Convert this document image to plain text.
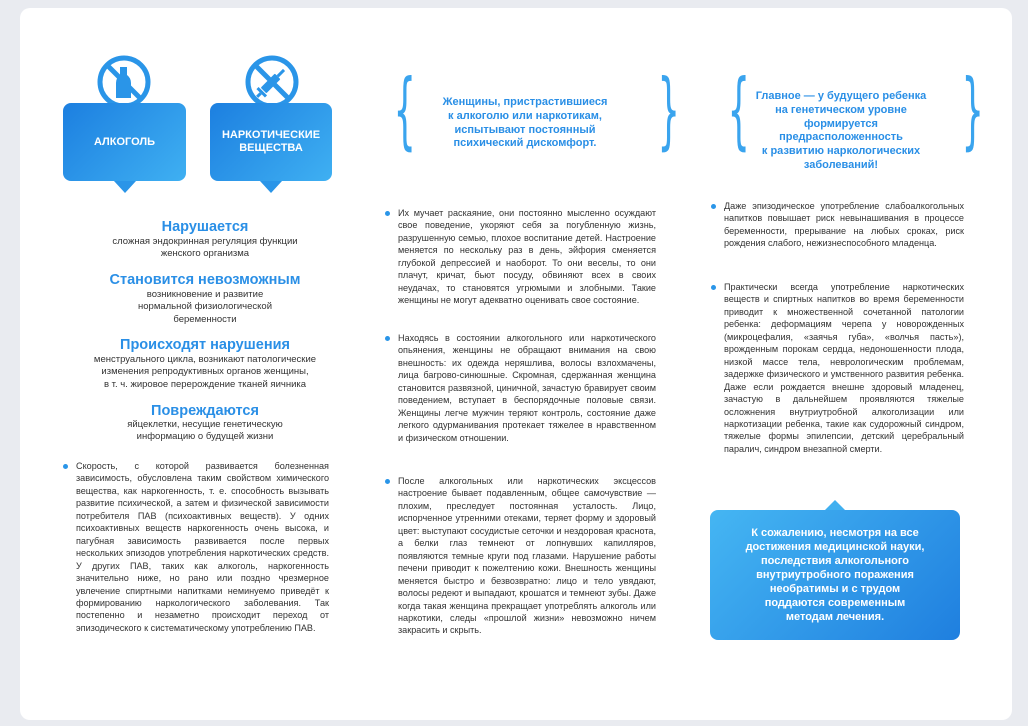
АЛКОГОЛЬ
НАРКОТИЧЕСКИЕ
ВЕЩЕСТВА
Нарушается
сложная эндокринная регуляция функции
женского организма
Становится невозможным
возникновение и развитие
нормальной физиологической
беременности
Происходят нарушения
менструального цикла, возникают патологические
изменения репродуктивных органов женщины,
в т. ч. жировое перерождение тканей яичника
Повреждаются
яйцеклетки, несущие генетическую
информацию о будущей жизни

Скорость, с которой развивается болезненная зависимость, обусловлена таким свойством химического вещества, как наркогенность, т. е. способность вызывать развитие психической, а затем и физической зависимости потребителя ПАВ (психоактивных веществ). У одних психоактивных веществ наркогенность очень высока, и пагубная зависимость развивается после первых нескольких эпизодов употребления наркотических средств. У других ПАВ, таких как алкоголь, наркогенность значительно ниже, но рано или поздно чрезмерное увлечение спиртными напитками неминуемо приведёт к формированию наркологического заболевания. Так постепенно и незаметно происходит переход от эпизодического к систематическому употреблению ПАВ.

{	}
Женщины, пристрастившиеся
к алкоголю или наркотикам,
испытывают постоянный
психический дискомфорт.

Их мучает раскаяние, они постоянно мысленно осуждают свое поведение, укоряют себя за погубленную жизнь, разрушенную семью, плохое воспитание детей. Настроение меняется по нескольку раз в день, эйфория сменяется глубокой депрессией и наоборот. То они веселы, то они плачут, кричат, бьют посуду, обвиняют всех в своих неудачах, то становятся угрюмыми и злобными. Такие женщины не могут адекватно оценивать свое состояние.

Находясь в состоянии алкогольного или наркотического опьянения, женщины не обращают внимания на свою внешность: их одежда неряшлива, волосы взлохмачены, лица багрово-синюшные. Скромная, сдержанная женщина становится развязной, циничной, зачастую бравирует своим поведением, вступает в беспорядочные половые связи. Женщины легче мужчин теряют контроль, состояние даже легкого одурманивания протекает тяжелее в нравственном и физическом отношении.

После алкогольных или наркотических эксцессов настроение бывает подавленным, общее самочувствие — плохим, преследует постоянная усталость. Лицо, испорченное утренними отеками, теряет форму и здоровый цвет: выступают сосудистые сеточки и нездоровая краснота, а белки глаз темнеют от лопнувших капилляров, появляются темные круги под глазами. Нарушение работы печени приводит к пожелтению кожи. Внешность женщины меняется быстро и безвозвратно: лицо и тело увядают, волосы редеют и выпадают, крошатся и темнеют зубы. Даже когда такая женщина прекращает употреблять алкоголь или наркотики, следы «прошлой жизни» невозможно ничем закрасить и скрыть.

{	}
Главное — у будущего ребенка
на генетическом уровне
формируется
предрасположенность
к развитию наркологических
заболеваний!

Даже эпизодическое употребление слабоалкогольных напитков повышает риск невынашивания в процессе беременности, прерывание на любых сроках, риск рождения слабого, нежизнеспособного младенца.

Практически всегда употребление наркотических веществ и спиртных напитков во время беременности приводит к множественной сочетанной патологии ребенка: деформациям черепа у новорожденных (микроцефалия, «заячья губа», «волчья пасть»), врожденным порокам сердца, недоношенности плода, низкой массе тела, неврологическим проблемам, задержке физического и умственного развития ребенка. Даже если рождается внешне здоровый младенец, зачастую в дальнейшем проявляются тяжелые осложнения внутриутробной алкоголизации или наркотизации ребенка, такие как судорожный синдром, тяжелые формы эпилепсии, детский церебральный паралич, синдром внезапной смерти.

К сожалению, несмотря на все
достижения медицинской науки,
последствия алкогольного
внутриутробного поражения
необратимы и с трудом
поддаются современным
методам лечения.
